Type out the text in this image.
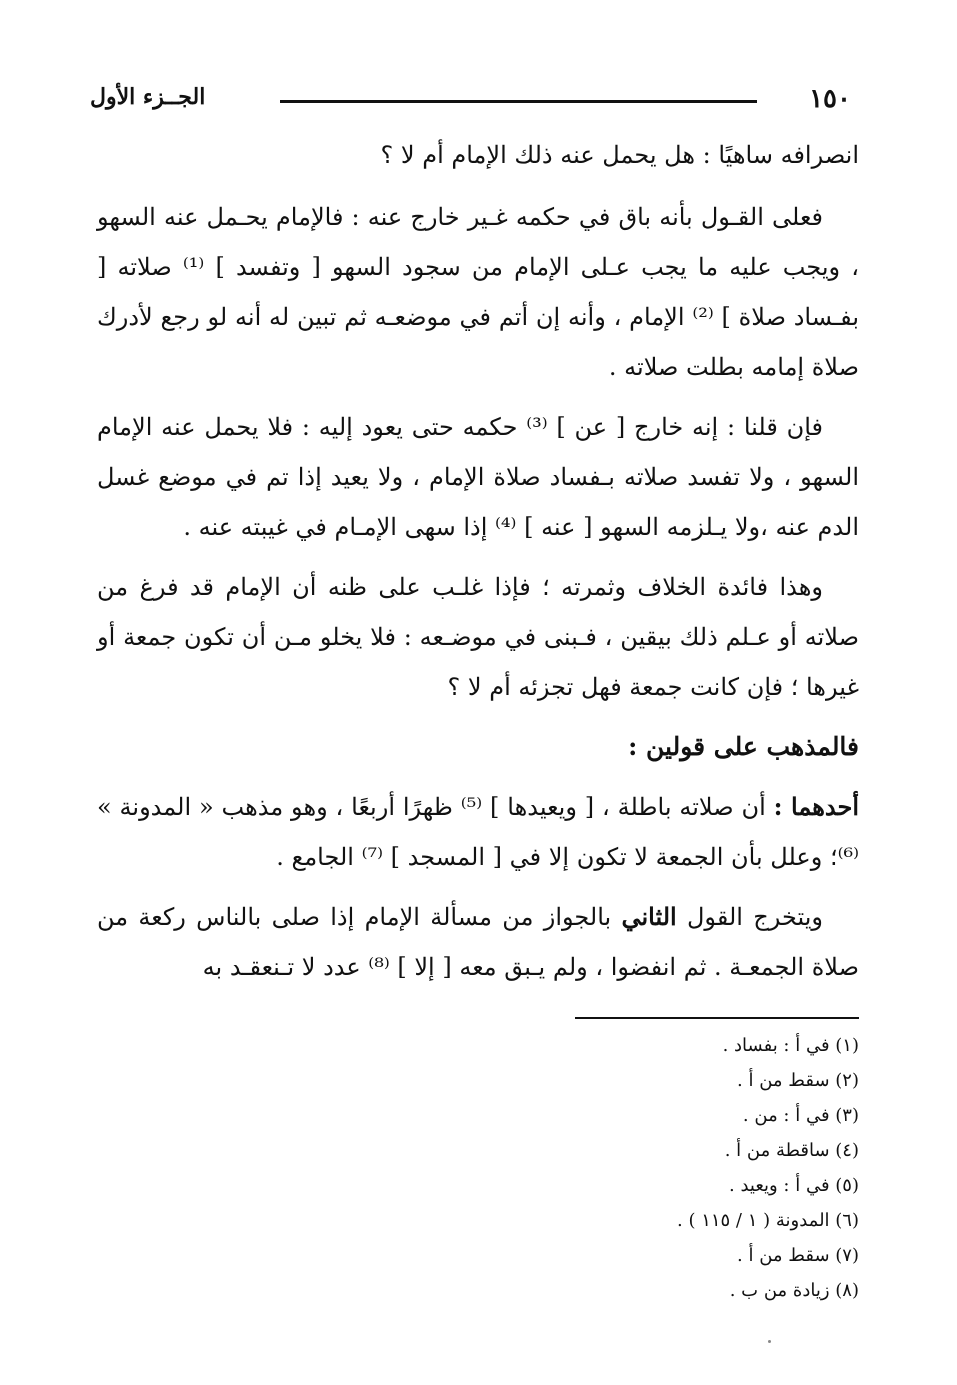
١٥٠
الجــزء الأول

انصرافه ساهيًا : هل يحمل عنه ذلك الإمام أم لا ؟

فعلى القـول بأنه باق في حكمه غـير خارج عنه : فالإمام يحـمل عنه السهو ، ويجب عليه ما يجب عـلى الإمام من سجود السهو [ وتفسد ] ⁽¹⁾ صلاته [ بفـساد صلاة ] ⁽²⁾ الإمام ، وأنه إن أتم في موضعـه ثم تبين له أنه لو رجع لأدرك صلاة إمامه بطلت صلاته .

فإن قلنا : إنه خارج [ عن ] ⁽³⁾ حكمه حتى يعود إليه : فلا يحمل عنه الإمام السهو ، ولا تفسد صلاته بـفساد صلاة الإمام ، ولا يعيد إذا تم في موضع غسل الدم عنه ،ولا يـلزمه السهو [ عنه ] ⁽⁴⁾ إذا سهى الإمـام في غيبته عنه .

وهذا فائدة الخلاف وثمرته ؛ فإذا غلـب على ظنه أن الإمام قد فرغ من صلاته أو عـلم ذلك بيقين ، فـبنى في موضـعه : فلا يخلو مـن أن تكون جمعة أو غيرها ؛ فإن كانت جمعة فهل تجزئه أم لا ؟

فالمذهب على قولين :

أحدهما : أن صلاته باطلة ، [ ويعيدها ] ⁽⁵⁾ ظهرًا أربعًا ، وهو مذهب « المدونة » ⁽⁶⁾؛ وعلل بأن الجمعة لا تكون إلا في [ المسجد ] ⁽⁷⁾ الجامع .

ويتخرج القول الثاني بالجواز من مسألة الإمام إذا صلى بالناس ركعة من صلاة الجمعـة . ثم انفضوا ، ولم يـبق معه [ إلا ] ⁽⁸⁾ عدد لا تـنعقـد به

(١) في أ : بفساد .
(٢) سقط من أ .
(٣) في أ : من .
(٤) ساقطة من أ .
(٥) في أ : ويعيد .
(٦) المدونة ( ١ / ١١٥ ) .
(٧) سقط من أ .
(٨) زيادة من ب .
